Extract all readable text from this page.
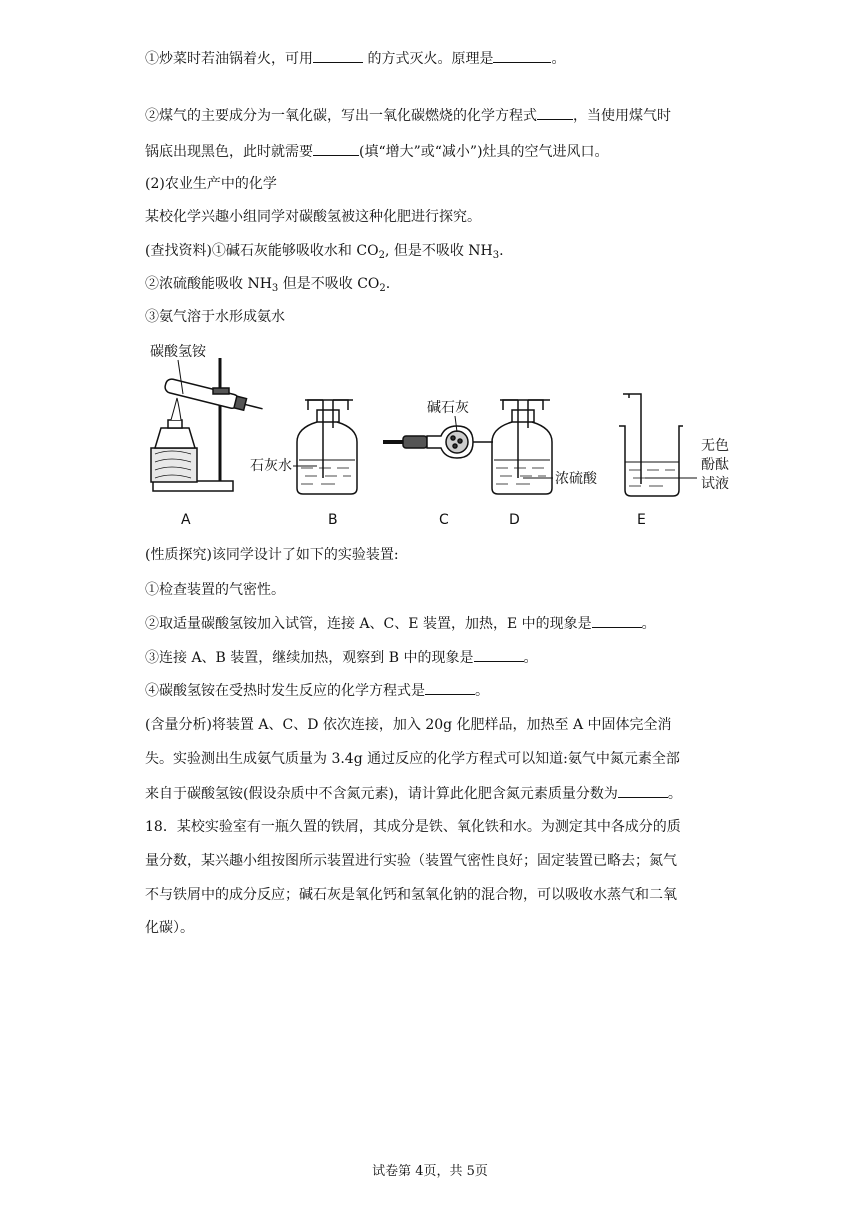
①炒菜时若油锅着火，可用	的方式灭火。原理是	。
②煤气的主要成分为一氧化碳，写出一氧化碳燃烧的化学方程式	，当使用煤气时
锅底出现黑色，此时就需要	(填“增大”或“减小”)灶具的空气进风口。
(2)农业生产中的化学
某校化学兴趣小组同学对碳酸氢被这种化肥进行探究。
(查找资料)①碱石灰能够吸收水和 $CO_2$, 但是不吸收 $NH_3$.
②浓硫酸能吸收 $NH_3$ 但是不吸收 $CO_2$.
③氨气溶于水形成氨水
碳酸氢铵
A
石灰水
B
碱石灰
C
浓硫酸
D
无色
酚酞
试液
E
(性质探究)该同学设计了如下的实验装置:
①检查装置的气密性。
②取适量碳酸氢铵加入试管，连接 A、C、E 装置，加热，E 中的现象是	。
③连接 A、B 装置，继续加热，观察到 B 中的现象是	。
④碳酸氢铵在受热时发生反应的化学方程式是	。
(含量分析)将装置 A、C、D 依次连接，加入 20g 化肥样品，加热至 A 中固体完全消
失。实验测出生成氨气质量为 3.4g 通过反应的化学方程式可以知道:氨气中氮元素全部
来自于碳酸氢铵(假设杂质中不含氮元素)，请计算此化肥含氮元素质量分数为	。
18．某校实验室有一瓶久置的铁屑，其成分是铁、氧化铁和水。为测定其中各成分的质
量分数，某兴趣小组按图所示装置进行实验（装置气密性良好；固定装置已略去；氮气
不与铁屑中的成分反应；碱石灰是氧化钙和氢氧化钠的混合物，可以吸收水蒸气和二氧
化碳）。
试卷第 4页，共 5页
